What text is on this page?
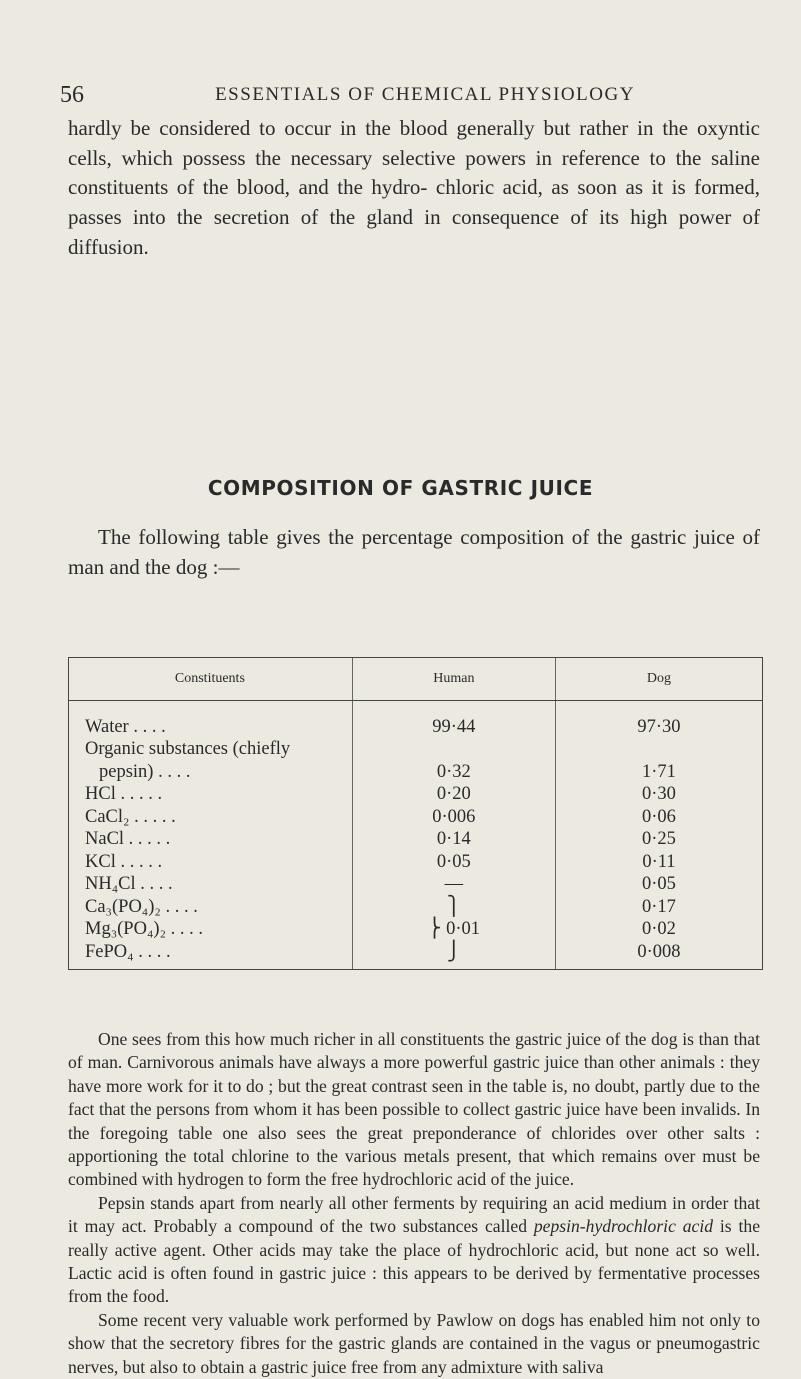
56	ESSENTIALS OF CHEMICAL PHYSIOLOGY

hardly be considered to occur in the blood generally but rather in the oxyntic cells, which possess the necessary selective powers in reference to the saline constituents of the blood, and the hydro- chloric acid, as soon as it is formed, passes into the secretion of the gland in consequence of its high power of diffusion.

COMPOSITION OF GASTRIC JUICE

The following table gives the percentage composition of the gastric juice of man and the dog :—

Constituents	Human	Dog
Water . . . .	99·44	97·30
Organic substances (chiefly		
pepsin) . . . .	0·32	1·71
HCl . . . . .	0·20	0·30
CaCl₂ . . . . .	0·006	0·06
NaCl . . . . .	0·14	0·25
KCl . . . . .	0·05	0·11
NH₄Cl . . . .	—	0·05
Ca₃(PO₄)₂ . . . .	⎫	0·17
Mg₃(PO₄)₂ . . . .	⎬ 0·01	0·02
FePO₄ . . . .	⎭	0·008

One sees from this how much richer in all constituents the gastric juice of the dog is than that of man. Carnivorous animals have always a more powerful gastric juice than other animals : they have more work for it to do ; but the great contrast seen in the table is, no doubt, partly due to the fact that the persons from whom it has been possible to collect gastric juice have been invalids. In the foregoing table one also sees the great preponderance of chlorides over other salts : apportioning the total chlorine to the various metals present, that which remains over must be combined with hydrogen to form the free hydrochloric acid of the juice.

Pepsin stands apart from nearly all other ferments by requiring an acid medium in order that it may act. Probably a compound of the two substances called pepsin-hydrochloric acid is the really active agent. Other acids may take the place of hydrochloric acid, but none act so well. Lactic acid is often found in gastric juice : this appears to be derived by fermentative processes from the food.

Some recent very valuable work performed by Pawlow on dogs has enabled him not only to show that the secretory fibres for the gastric glands are contained in the vagus or pneumogastric nerves, but also to obtain a gastric juice free from any admixture with saliva
